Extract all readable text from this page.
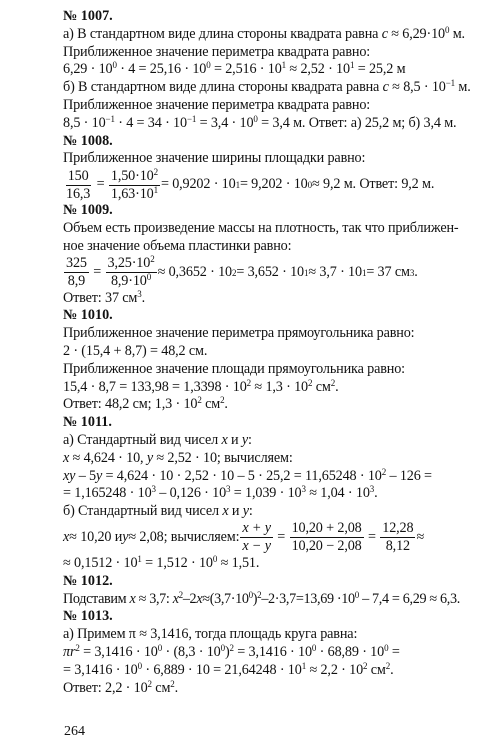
№ 1007.
а) В стандартном виде длина стороны квадрата равна $c \approx 6,29\cdot 10^0$ м.
Приближенное значение периметра квадрата равно:
$6,29 \cdot 10^0 \cdot 4 = 25,16 \cdot 10^0 = 2,516 \cdot 10^1 \approx 2,52 \cdot 10^1 = 25,2$ м
б) В стандартном виде длина стороны квадрата равна $c \approx 8,5 \cdot 10^{-1}$ м.
Приближенное значение периметра квадрата равно:
$8,5 \cdot 10^{-1} \cdot 4 = 34 \cdot 10^{-1} = 3,4 \cdot 10^0 = 3,4$ м. Ответ: а) 25,2 м; б) 3,4 м.
№ 1008.
Приближенное значение ширины площадки равно:
$\frac{150}{16,3} = \frac{1,50\cdot 10^2}{1,63\cdot 10^1} = 0,9202 \cdot 10$ 1 = 9,202 · 10 0 ≈ 9,2 м. Ответ: 9,2 м.
№ 1009.
Объем есть произведение массы на плотность, так что приближен-
ное значение объема пластинки равно:
$\frac{325}{8,9} = \frac{3,25\cdot 10^2}{8,9\cdot 10^0} \approx 0,3652 \cdot 10$ 2 = 3,652 · 10 1 ≈ 3,7 · 10 1 = 37 см 3 .
Ответ: 37 $см^3$.
№ 1010.
Приближенное значение периметра прямоугольника равно:
2 · (15,4 + 8,7) = 48,2 см.
Приближенное значение площади прямоугольника равно:
$15,4 \cdot 8,7 = 133,98 = 1,3398 \cdot 10^2 \approx 1,3 \cdot 10^2$ $см^2$.
Ответ: 48,2 см; $1,3 \cdot 10^2$ $см^2$.
№ 1011.
а) Стандартный вид чисел x и y:
x ≈ 4,624 · 10, y ≈ 2,52 · 10; вычисляем:
xy – $5y = 4,624 \cdot 10 \cdot 2,52 \cdot 10 - 5 \cdot 25,2 = 11,65248 \cdot 10^2 - 126$ =
= $1,165248 \cdot 10^3 - 0,126 \cdot 10^3 = 1,039 \cdot 10^3 \approx 1,04 \cdot 10^3$.
б) Стандартный вид чисел x и y:
x ≈ 10,20 и y ≈ 2,08; вычисляем: $\frac{x + y}{x - y} = \frac{10,20 + 2,08}{10,20 - 2,08} = \frac{12,28}{8,12}$ ≈
≈ $0,1512 \cdot 10^1 = 1,512 \cdot 10^0 \approx 1,51$.
№ 1012.
Подставим x ≈ 3,7: $x^2-2x\approx(3,7\cdot 10^0)^2-2\cdot 3,7=13,69 \cdot 10^0 - 7,4 = 6,29 \approx 6,3$.
№ 1013.
а) Примем π ≈ 3,1416, тогда площадь круга равна:
$\pi r^2 = 3,1416 \cdot 10^0 \cdot (8,3 \cdot 10^0)^2 = 3,1416 \cdot 10^0 \cdot 68,89 \cdot 10^0$ =
= $3,1416 \cdot 10^0 \cdot 6,889 \cdot 10 = 21,64248 \cdot 10^1 \approx 2,2 \cdot 10^2$ $см^2$.
Ответ: $2,2 \cdot 10^2$ $см^2$.
264
